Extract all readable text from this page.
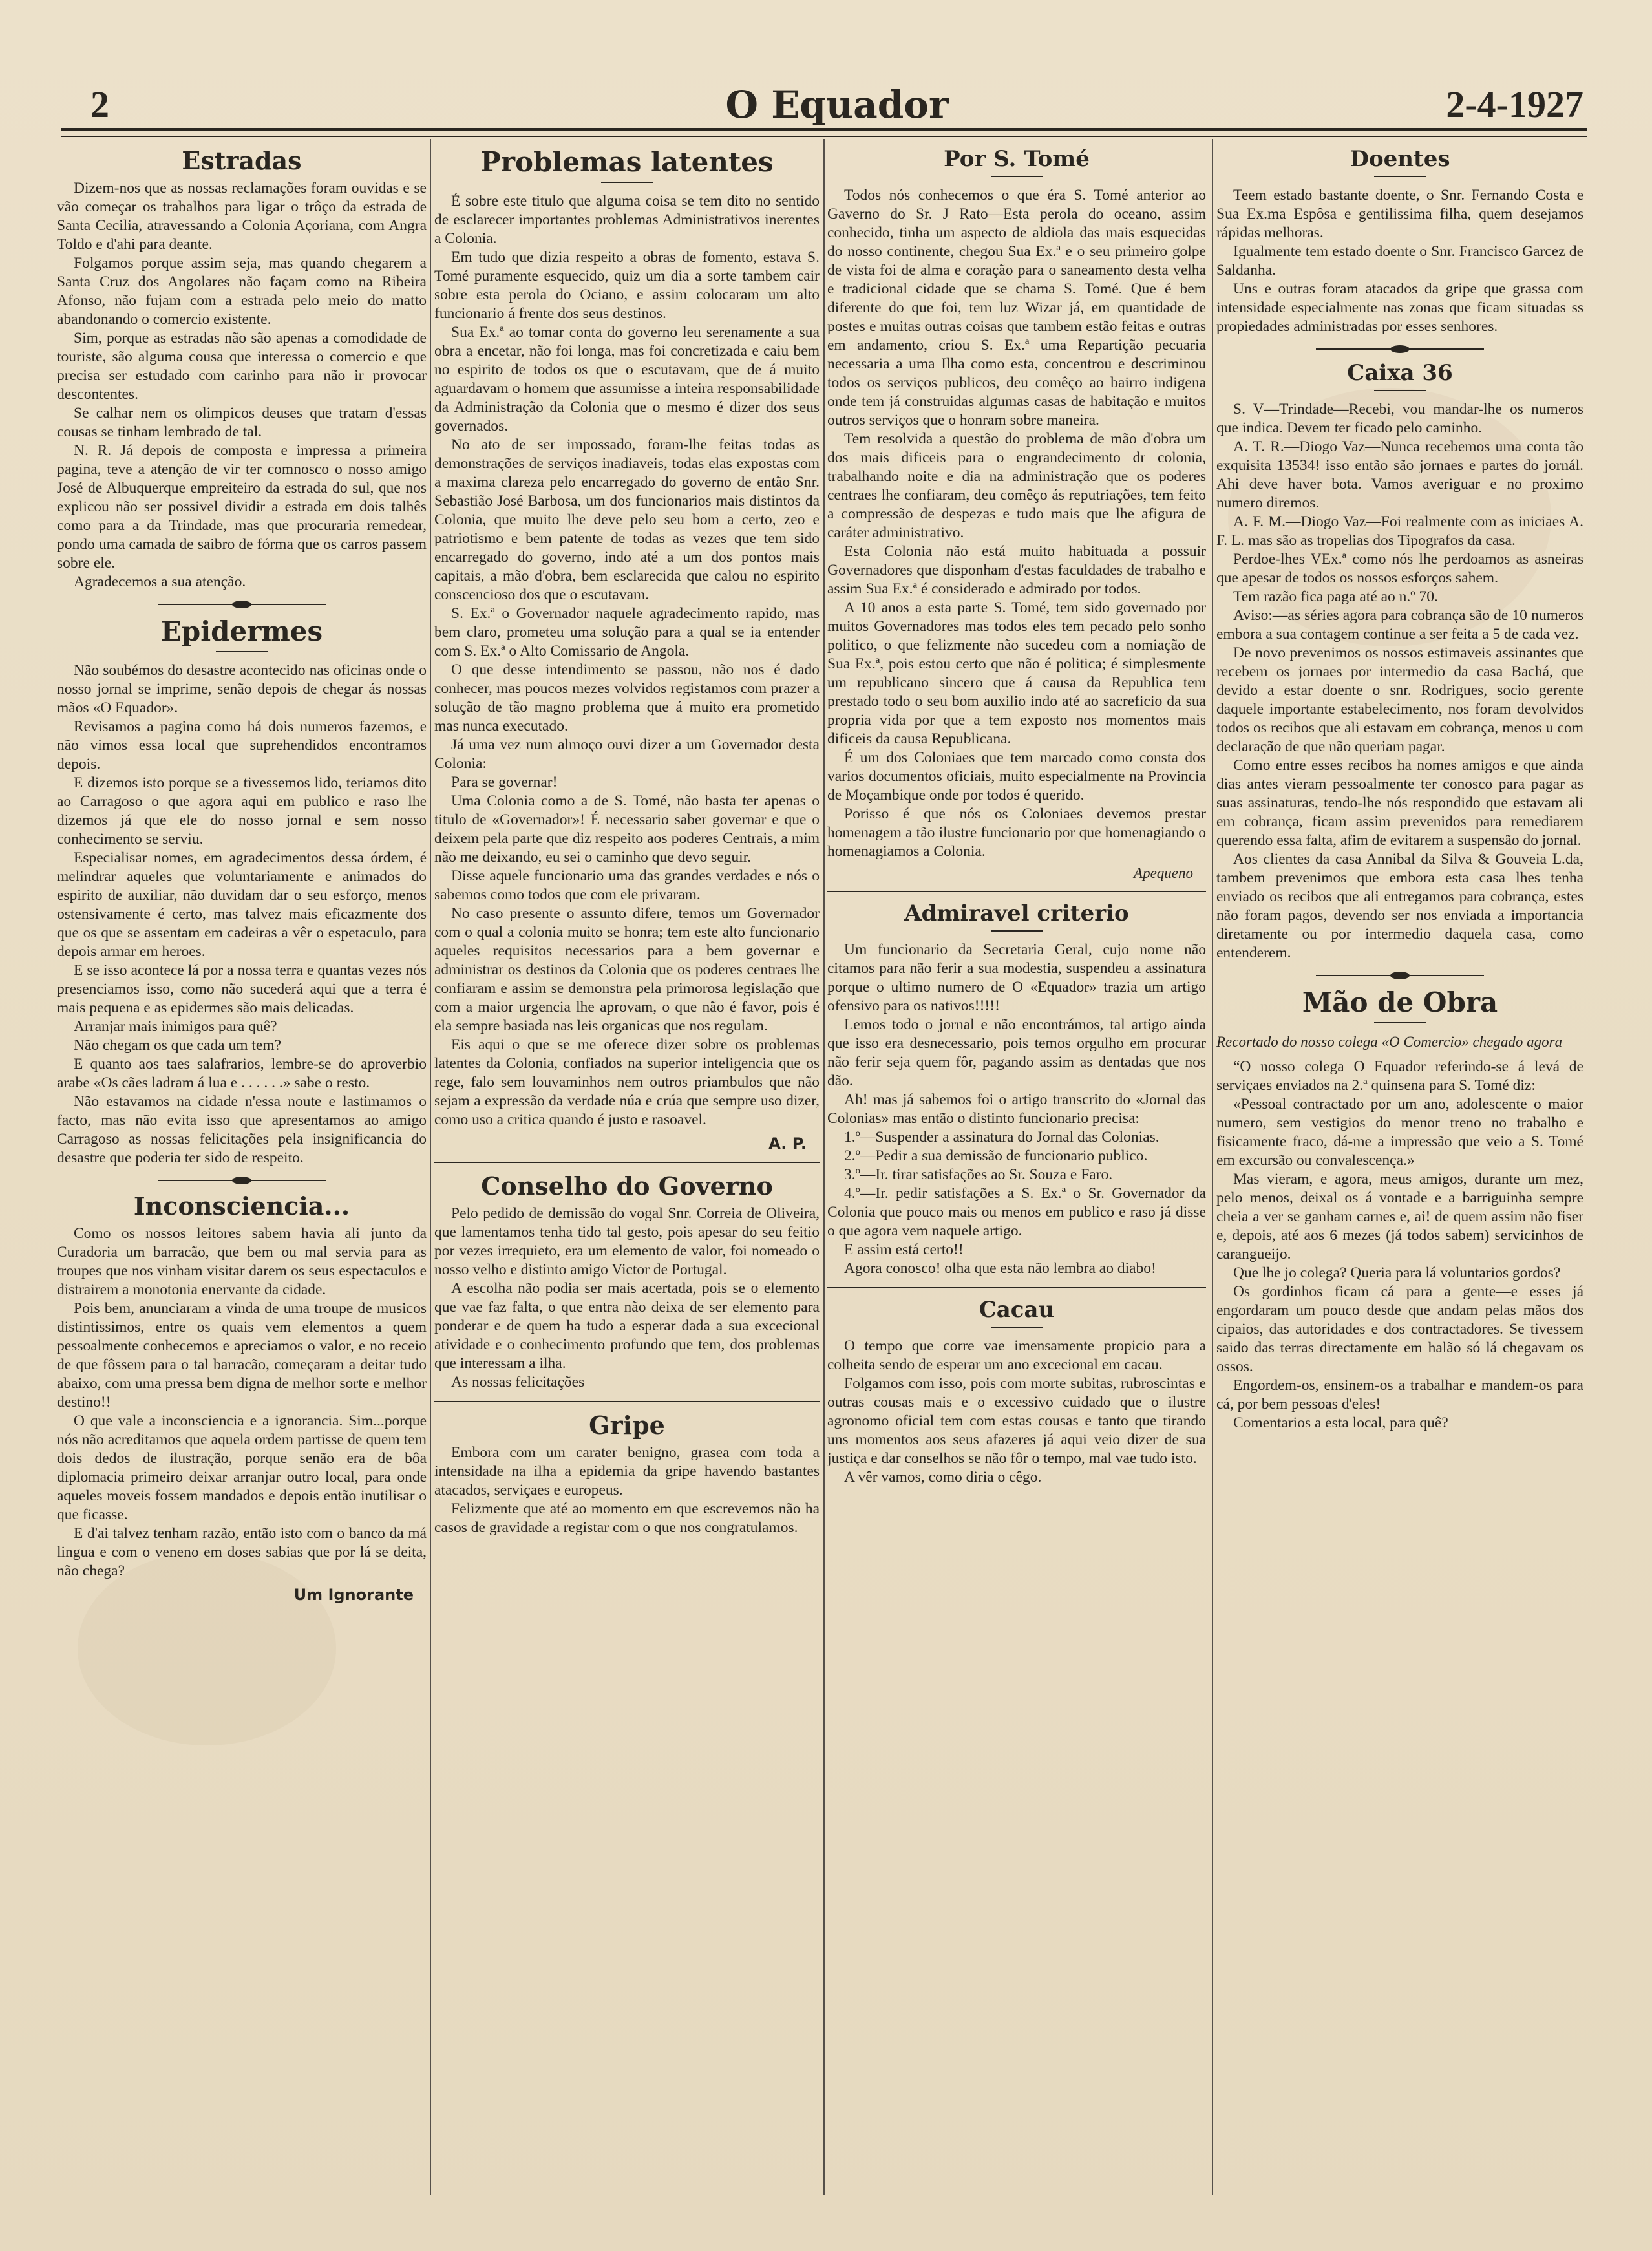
2	O Equador	2-4-1927
Estradas

Dizem-nos que as nossas reclamações foram ouvidas e se vão começar os trabalhos para ligar o trôço da estrada de Santa Cecilia, atravessando a Colonia Açoriana, com Angra Toldo e d'ahi para deante.

Folgamos porque assim seja, mas quando chegarem a Santa Cruz dos Angolares não façam como na Ribeira Afonso, não fujam com a estrada pelo meio do matto abandonando o comercio existente.

Sim, porque as estradas não são apenas a comodidade de touriste, são alguma cousa que interessa o comercio e que precisa ser estudado com carinho para não ir provocar descontentes.

Se calhar nem os olimpicos deuses que tratam d'essas cousas se tinham lembrado de tal.

N. R. Já depois de composta e impressa a primeira pagina, teve a atenção de vir ter comnosco o nosso amigo José de Albuquerque empreiteiro da estrada do sul, que nos explicou não ser possivel dividir a estrada em dois talhês como para a da Trindade, mas que procuraria remedear, pondo uma camada de saibro de fórma que os carros passem sobre ele.

Agradecemos a sua atenção.

Epidermes

Não soubémos do desastre acontecido nas oficinas onde o nosso jornal se imprime, senão depois de chegar ás nossas mãos «O Equador».

Revisamos a pagina como há dois numeros fazemos, e não vimos essa local que suprehendidos encontramos depois.

E dizemos isto porque se a tivessemos lido, teriamos dito ao Carragoso o que agora aqui em publico e raso lhe dizemos já que ele do nosso jornal e sem nosso conhecimento se serviu.

Especialisar nomes, em agradecimentos dessa órdem, é melindrar aqueles que voluntariamente e animados do espirito de auxiliar, não duvidam dar o seu esforço, menos ostensivamente é certo, mas talvez mais eficazmente dos que os que se assentam em cadeiras a vêr o espetaculo, para depois armar em heroes.

E se isso acontece lá por a nossa terra e quantas vezes nós presenciamos isso, como não sucederá aqui que a terra é mais pequena e as epidermes são mais delicadas.

Arranjar mais inimigos para quê?

Não chegam os que cada um tem?

E quanto aos taes salafrarios, lembre-se do aproverbio arabe «Os cães ladram á lua e . . . . . .» sabe o resto.

Não estavamos na cidade n'essa noute e lastimamos o facto, mas não evita isso que apresentamos ao amigo Carragoso as nossas felicitações pela insignificancia do desastre que poderia ter sido de respeito.

Inconsciencia...

Como os nossos leitores sabem havia ali junto da Curadoria um barracão, que bem ou mal servia para as troupes que nos vinham visitar darem os seus espectaculos e distrairem a monotonia enervante da cidade.

Pois bem, anunciaram a vinda de uma troupe de musicos distintissimos, entre os quais vem elementos a quem pessoalmente conhecemos e apreciamos o valor, e no receio de que fôssem para o tal barracão, começaram a deitar tudo abaixo, com uma pressa bem digna de melhor sorte e melhor destino!!

O que vale a inconsciencia e a ignorancia. Sim...porque nós não acreditamos que aquela ordem partisse de quem tem dois dedos de ilustração, porque senão era de bôa diplomacia primeiro deixar arranjar outro local, para onde aqueles moveis fossem mandados e depois então inutilisar o que ficasse.

E d'ai talvez tenham razão, então isto com o banco da má lingua e com o veneno em doses sabias que por lá se deita, não chega?

Um Ignorante
Problemas latentes

É sobre este titulo que alguma coisa se tem dito no sentido de esclarecer importantes problemas Administrativos inerentes a Colonia.

Em tudo que dizia respeito a obras de fomento, estava S. Tomé puramente esquecido, quiz um dia a sorte tambem cair sobre esta perola do Ociano, e assim colocaram um alto funcionario á frente dos seus destinos.

Sua Ex.ª ao tomar conta do governo leu serenamente a sua obra a encetar, não foi longa, mas foi concretizada e caiu bem no espirito de todos os que o escutavam, que de á muito aguardavam o homem que assumisse a inteira responsabilidade da Administração da Colonia que o mesmo é dizer dos seus governados.

No ato de ser impossado, foram-lhe feitas todas as demonstrações de serviços inadiaveis, todas elas expostas com a maxima clareza pelo encarregado do governo de então Snr. Sebastião José Barbosa, um dos funcionarios mais distintos da Colonia, que muito lhe deve pelo seu bom a certo, zeo e patriotismo e bem patente de todas as vezes que tem sido encarregado do governo, indo até a um dos pontos mais capitais, a mão d'obra, bem esclarecida que calou no espirito conscencioso dos que o escutavam.

S. Ex.ª o Governador naquele agradecimento rapido, mas bem claro, prometeu uma solução para a qual se ia entender com S. Ex.ª o Alto Comissario de Angola.

O que desse intendimento se passou, não nos é dado conhecer, mas poucos mezes volvidos registamos com prazer a solução de tão magno problema que á muito era prometido mas nunca executado.

Já uma vez num almoço ouvi dizer a um Governador desta Colonia:

Para se governar!

Uma Colonia como a de S. Tomé, não basta ter apenas o titulo de «Governador»! É necessario saber governar e que o deixem pela parte que diz respeito aos poderes Centrais, a mim não me deixando, eu sei o caminho que devo seguir.

Disse aquele funcionario uma das grandes verdades e nós o sabemos como todos que com ele privaram.

No caso presente o assunto difere, temos um Governador com o qual a colonia muito se honra; tem este alto funcionario aqueles requisitos necessarios para a bem governar e administrar os destinos da Colonia que os poderes centraes lhe confiaram e assim se demonstra pela primorosa legislação que com a maior urgencia lhe aprovam, o que não é favor, pois é ela sempre basiada nas leis organicas que nos regulam.

Eis aqui o que se me oferece dizer sobre os problemas latentes da Colonia, confiados na superior inteligencia que os rege, falo sem louvaminhos nem outros priambulos que não sejam a expressão da verdade núa e crúa que sempre uso dizer, como uso a critica quando é justo e rasoavel.

A. P.
Conselho do Governo

Pelo pedido de demissão do vogal Snr. Correia de Oliveira, que lamentamos tenha tido tal gesto, pois apesar do seu feitio por vezes irrequieto, era um elemento de valor, foi nomeado o nosso velho e distinto amigo Victor de Portugal.

A escolha não podia ser mais acertada, pois se o elemento que vae faz falta, o que entra não deixa de ser elemento para ponderar e de quem ha tudo a esperar dada a sua excecional atividade e o conhecimento profundo que tem, dos problemas que interessam a ilha.

As nossas felicitações

Gripe

Embora com um carater benigno, grasea com toda a intensidade na ilha a epidemia da gripe havendo bastantes atacados, serviçaes e europeus.

Felizmente que até ao momento em que escrevemos não ha casos de gravidade a registar com o que nos congratulamos.

Por S. Tomé

Todos nós conhecemos o que éra S. Tomé anterior ao Gaverno do Sr. J Rato—Esta perola do oceano, assim conhecido, tinha um aspecto de aldiola das mais esquecidas do nosso continente, chegou Sua Ex.ª e o seu primeiro golpe de vista foi de alma e coração para o saneamento desta velha e tradicional cidade que se chama S. Tomé. Que é bem diferente do que foi, tem luz Wizar já, em quantidade de postes e muitas outras coisas que tambem estão feitas e outras em andamento, criou S. Ex.ª uma Repartição pecuaria necessaria a uma Ilha como esta, concentrou e descriminou todos os serviços publicos, deu comêço ao bairro indigena onde tem já construidas algumas casas de habitação e muitos outros serviços que o honram sobre maneira.

Tem resolvida a questão do problema de mão d'obra um dos mais dificeis para o engrandecimento dr colonia, trabalhando noite e dia na administração que os poderes centraes lhe confiaram, deu comêço ás reputriações, tem feito a compressão de despezas e tudo mais que lhe afigura de caráter administrativo.

Esta Colonia não está muito habituada a possuir Governadores que disponham d'estas faculdades de trabalho e assim Sua Ex.ª é considerado e admirado por todos.

A 10 anos a esta parte S. Tomé, tem sido governado por muitos Governadores mas todos eles tem pecado pelo sonho politico, o que felizmente não sucedeu com a nomiação de Sua Ex.ª, pois estou certo que não é politica; é simplesmente um republicano sincero que á causa da Republica tem prestado todo o seu bom auxilio indo até ao sacreficio da sua propria vida por que a tem exposto nos momentos mais dificeis da causa Republicana.

É um dos Coloniaes que tem marcado como consta dos varios documentos oficiais, muito especialmente na Provincia de Moçambique onde por todos é querido.

Porisso é que nós os Coloniaes devemos prestar homenagem a tão ilustre funcionario por que homenagiando o homenagiamos a Colonia.

Apequeno
Admiravel criterio

Um funcionario da Secretaria Geral, cujo nome não citamos para não ferir a sua modestia, suspendeu a assinatura porque o ultimo numero de O «Equador» trazia um artigo ofensivo para os nativos!!!!!

Lemos todo o jornal e não encontrámos, tal artigo ainda que isso era desnecessario, pois temos orgulho em procurar não ferir seja quem fôr, pagando assim as dentadas que nos dão.

Ah! mas já sabemos foi o artigo transcrito do «Jornal das Colonias» mas então o distinto funcionario precisa:

1.º—Suspender a assinatura do Jornal das Colonias.

2.º—Pedir a sua demissão de funcionario publico.

3.º—Ir. tirar satisfações ao Sr. Souza e Faro.

4.º—Ir. pedir satisfações a S. Ex.ª o Sr. Governador da Colonia que pouco mais ou menos em publico e raso já disse o que agora vem naquele artigo.

E assim está certo!!

Agora conosco! olha que esta não lembra ao diabo!

Cacau

O tempo que corre vae imensamente propicio para a colheita sendo de esperar um ano excecional em cacau.

Folgamos com isso, pois com morte subitas, rubroscintas e outras cousas mais e o excessivo cuidado que o ilustre agronomo oficial tem com estas cousas e tanto que tirando uns momentos aos seus afazeres já aqui veio dizer de sua justiça e dar conselhos se não fôr o tempo, mal vae tudo isto.

A vêr vamos, como diria o cêgo.

Doentes

Teem estado bastante doente, o Snr. Fernando Costa e Sua Ex.ma Espôsa e gentilissima filha, quem desejamos rápidas melhoras.

Igualmente tem estado doente o Snr. Francisco Garcez de Saldanha.

Uns e outras foram atacados da gripe que grassa com intensidade especialmente nas zonas que ficam situadas ss propiedades administradas por esses senhores.

Caixa 36

S. V—Trindade—Recebi, vou mandar-lhe os numeros que indica. Devem ter ficado pelo caminho.

A. T. R.—Diogo Vaz—Nunca recebemos uma conta tão exquisita 13534! isso então são jornaes e partes do jornál. Ahi deve haver bota. Vamos averiguar e no proximo numero diremos.

A. F. M.—Diogo Vaz—Foi realmente com as iniciaes A. F. L. mas são as tropelias dos Tipografos da casa.

Perdoe-lhes VEx.ª como nós lhe perdoamos as asneiras que apesar de todos os nossos esforços sahem.

Tem razão fica paga até ao n.º 70.

Aviso:—as séries agora para cobrança são de 10 numeros embora a sua contagem continue a ser feita a 5 de cada vez.

De novo prevenimos os nossos estimaveis assinantes que recebem os jornaes por intermedio da casa Bachá, que devido a estar doente o snr. Rodrigues, socio gerente daquele importante estabelecimento, nos foram devolvidos todos os recibos que ali estavam em cobrança, menos u com declaração de que não queriam pagar.

Como entre esses recibos ha nomes amigos e que ainda dias antes vieram pessoalmente ter conosco para pagar as suas assinaturas, tendo-lhe nós respondido que estavam ali em cobrança, ficam assim prevenidos para remediarem querendo essa falta, afim de evitarem a suspensão do jornal.

Aos clientes da casa Annibal da Silva & Gouveia L.da, tambem prevenimos que embora esta casa lhes tenha enviado os recibos que ali entregamos para cobrança, estes não foram pagos, devendo ser nos enviada a importancia diretamente ou por intermedio daquela casa, como entenderem.

Mão de Obra

Recortado do nosso colega «O Comercio» chegado agora

“O nosso colega O Equador referindo-se á levá de serviçaes enviados na 2.ª quinsena para S. Tomé diz:

«Pessoal contractado por um ano, adolescente o maior numero, sem vestigios do menor treno no trabalho e fisicamente fraco, dá-me a impressão que veio a S. Tomé em excursão ou convalescença.»

Mas vieram, e agora, meus amigos, durante um mez, pelo menos, deixal os á vontade e a barriguinha sempre cheia a ver se ganham carnes e, ai! de quem assim não fiser e, depois, até aos 6 mezes (já todos sabem) servicinhos de carangueijo.

Que lhe jo colega? Queria para lá voluntarios gordos?

Os gordinhos ficam cá para a gente—e esses já engordaram um pouco desde que andam pelas mãos dos cipaios, das autoridades e dos contractadores. Se tivessem saido das terras directamente em halão só lá chegavam os ossos.

Engordem-os, ensinem-os a trabalhar e mandem-os para cá, por bem pessoas d'eles!

Comentarios a esta local, para quê?
